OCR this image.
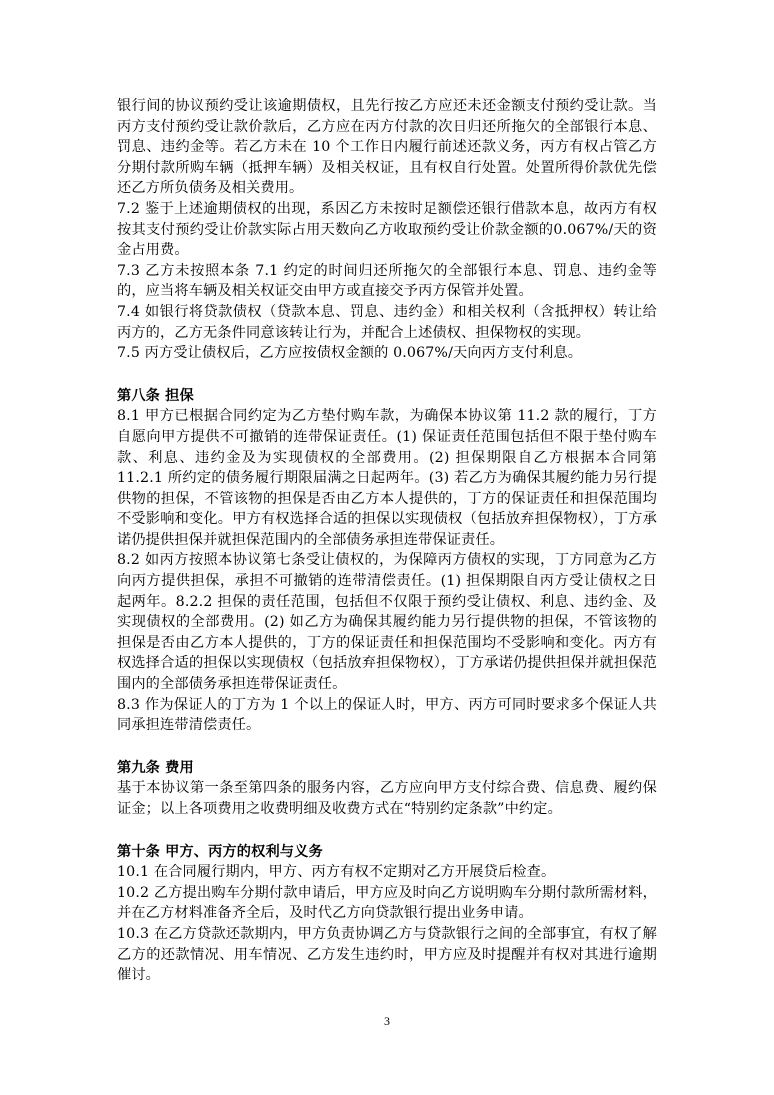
银行间的协议预约受让该逾期债权，且先行按乙方应还未还金额支付预约受让款。当丙方支付预约受让款价款后，乙方应在丙方付款的次日归还所拖欠的全部银行本息、罚息、违约金等。若乙方未在 10 个工作日内履行前述还款义务，丙方有权占管乙方分期付款所购车辆（抵押车辆）及相关权证，且有权自行处置。处置所得价款优先偿还乙方所负债务及相关费用。

7.2 鉴于上述逾期债权的出现，系因乙方未按时足额偿还银行借款本息，故丙方有权按其支付预约受让价款实际占用天数向乙方收取预约受让价款金额的0.067%/天的资金占用费。

7.3 乙方未按照本条 7.1 约定的时间归还所拖欠的全部银行本息、罚息、违约金等的，应当将车辆及相关权证交由甲方或直接交予丙方保管并处置。

7.4 如银行将贷款债权（贷款本息、罚息、违约金）和相关权利（含抵押权）转让给丙方的，乙方无条件同意该转让行为，并配合上述债权、担保物权的实现。

7.5 丙方受让债权后，乙方应按债权金额的 0.067%/天向丙方支付利息。

第八条 担保

8.1 甲方已根据合同约定为乙方垫付购车款，为确保本协议第 11.2 款的履行，丁方自愿向甲方提供不可撤销的连带保证责任。(1) 保证责任范围包括但不限于垫付购车款、利息、违约金及为实现债权的全部费用。(2) 担保期限自乙方根据本合同第 11.2.1 所约定的债务履行期限届满之日起两年。(3) 若乙方为确保其履约能力另行提供物的担保，不管该物的担保是否由乙方本人提供的，丁方的保证责任和担保范围均不受影响和变化。甲方有权选择合适的担保以实现债权（包括放弃担保物权），丁方承诺仍提供担保并就担保范围内的全部债务承担连带保证责任。

8.2 如丙方按照本协议第七条受让债权的，为保障丙方债权的实现，丁方同意为乙方向丙方提供担保，承担不可撤销的连带清偿责任。(1) 担保期限自丙方受让债权之日起两年。8.2.2 担保的责任范围，包括但不仅限于预约受让债权、利息、违约金、及实现债权的全部费用。(2) 如乙方为确保其履约能力另行提供物的担保，不管该物的担保是否由乙方本人提供的，丁方的保证责任和担保范围均不受影响和变化。丙方有权选择合适的担保以实现债权（包括放弃担保物权），丁方承诺仍提供担保并就担保范围内的全部债务承担连带保证责任。

8.3 作为保证人的丁方为 1 个以上的保证人时，甲方、丙方可同时要求多个保证人共同承担连带清偿责任。

第九条 费用

基于本协议第一条至第四条的服务内容，乙方应向甲方支付综合费、信息费、履约保证金；以上各项费用之收费明细及收费方式在“特别约定条款”中约定。

第十条 甲方、丙方的权利与义务

10.1 在合同履行期内，甲方、丙方有权不定期对乙方开展贷后检查。

10.2 乙方提出购车分期付款申请后，甲方应及时向乙方说明购车分期付款所需材料，并在乙方材料准备齐全后，及时代乙方向贷款银行提出业务申请。

10.3 在乙方贷款还款期内，甲方负责协调乙方与贷款银行之间的全部事宜，有权了解乙方的还款情况、用车情况、乙方发生违约时，甲方应及时提醒并有权对其进行逾期催讨。

3
